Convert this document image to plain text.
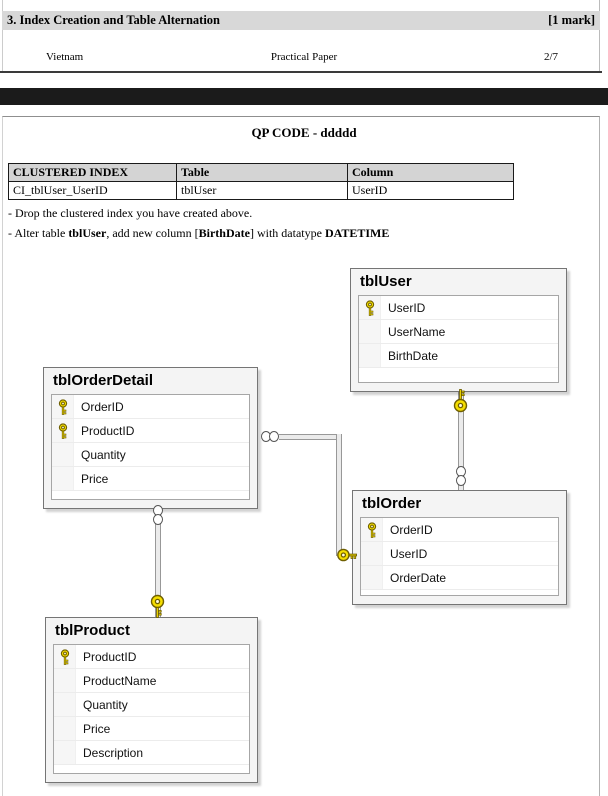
3. Index Creation and Table Alternation	[1 mark]
Practical Paper
Vietnam	2/7
QP CODE - ddddd
CLUSTERED INDEX	Table	Column
CI_tblUser_UserID	tblUser	UserID
- Drop the clustered index you have created above.
- Alter table tblUser, add new column [BirthDate] with datatype DATETIME
tblUser
UserID
UserName
BirthDate
tblOrderDetail
OrderID
ProductID
Quantity
Price
tblOrder
OrderID
UserID
OrderDate
tblProduct
ProductID
ProductName
Quantity
Price
Description
